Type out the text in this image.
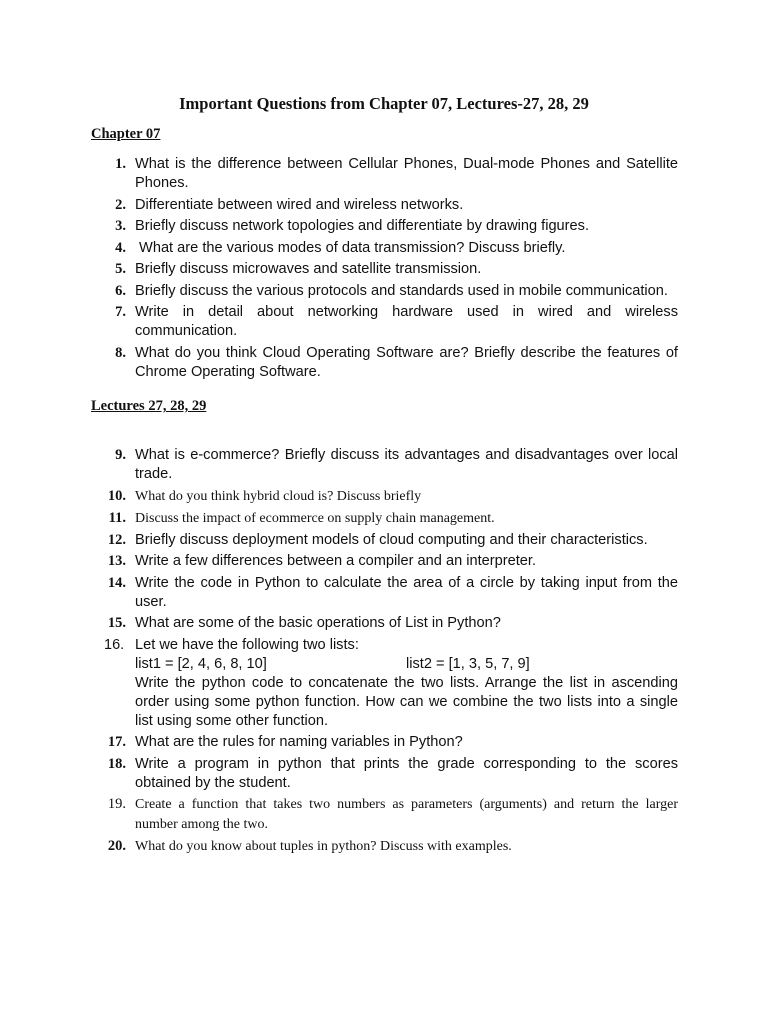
Important Questions from Chapter 07, Lectures-27, 28, 29
Chapter 07
1. What is the difference between Cellular Phones, Dual-mode Phones and Satellite Phones.
2. Differentiate between wired and wireless networks.
3. Briefly discuss network topologies and differentiate by drawing figures.
4. What are the various modes of data transmission? Discuss briefly.
5. Briefly discuss microwaves and satellite transmission.
6. Briefly discuss the various protocols and standards used in mobile communication.
7. Write in detail about networking hardware used in wired and wireless communication.
8. What do you think Cloud Operating Software are? Briefly describe the features of Chrome Operating Software.
Lectures 27, 28, 29
9. What is e-commerce? Briefly discuss its advantages and disadvantages over local trade.
10. What do you think hybrid cloud is? Discuss briefly
11. Discuss the impact of ecommerce on supply chain management.
12. Briefly discuss deployment models of cloud computing and their characteristics.
13. Write a few differences between a compiler and an interpreter.
14. Write the code in Python to calculate the area of a circle by taking input from the user.
15. What are some of the basic operations of List in Python?
16. Let we have the following two lists:
list1 = [2, 4, 6, 8, 10]	list2 = [1, 3, 5, 7, 9]
Write the python code to concatenate the two lists. Arrange the list in ascending order using some python function. How can we combine the two lists into a single list using some other function.
17. What are the rules for naming variables in Python?
18. Write a program in python that prints the grade corresponding to the scores obtained by the student.
19. Create a function that takes two numbers as parameters (arguments) and return the larger number among the two.
20. What do you know about tuples in python? Discuss with examples.
